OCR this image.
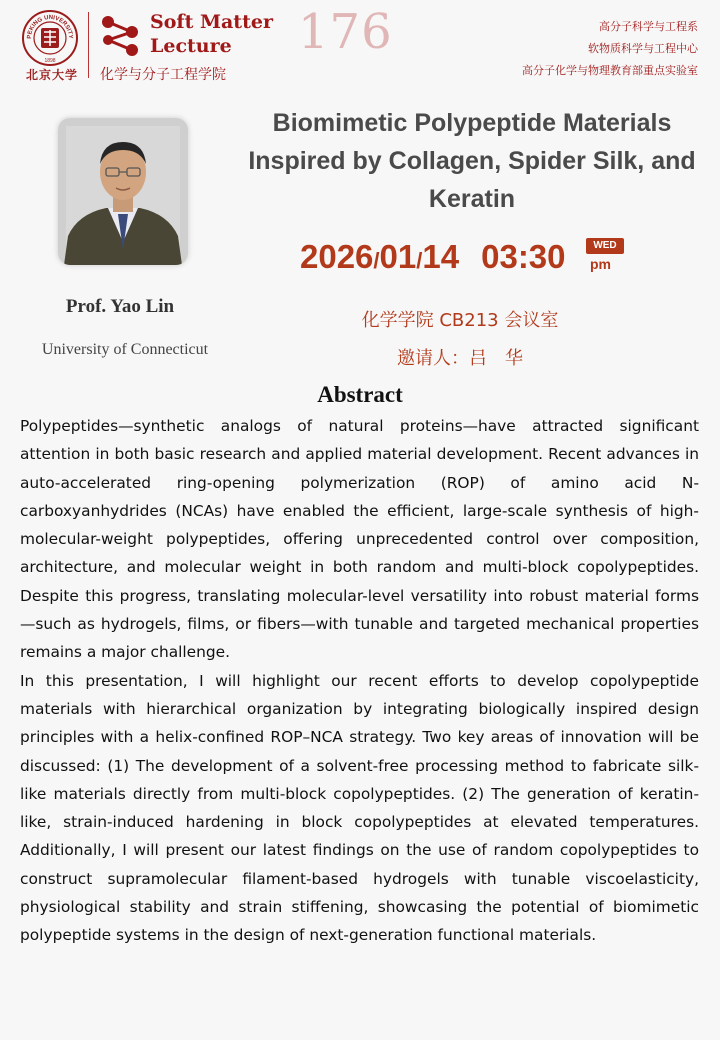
PEKING UNIVERSITY
1898
北京大学
Soft Matter
Lecture
化学与分子工程学院
176	高分子科学与工程系
软物质科学与工程中心
高分子化学与物理教育部重点实验室
Prof. Yao Lin
University of Connecticut
Biomimetic Polypeptide Materials Inspired by Collagen, Spider Silk, and Keratin
2026/01/14 03:30	WED
pm
化学学院 CB213 会议室
邀请人：吕　华
Abstract

Polypeptides—synthetic analogs of natural proteins—have attracted significant attention in both basic research and applied material development. Recent advances in auto-accelerated ring-opening polymerization (ROP) of amino acid N-carboxyanhydrides (NCAs) have enabled the efficient, large-scale synthesis of high-molecular-weight polypeptides, offering unprecedented control over composition, architecture, and molecular weight in both random and multi-block copolypeptides. Despite this progress, translating molecular-level versatility into robust material forms—such as hydrogels, films, or fibers—with tunable and targeted mechanical properties remains a major challenge.

In this presentation, I will highlight our recent efforts to develop copolypeptide materials with hierarchical organization by integrating biologically inspired design principles with a helix-confined ROP–NCA strategy. Two key areas of innovation will be discussed: (1) The development of a solvent-free processing method to fabricate silk-like materials directly from multi-block copolypeptides. (2) The generation of keratin-like, strain-induced hardening in block copolypeptides at elevated temperatures. Additionally, I will present our latest findings on the use of random copolypeptides to construct supramolecular filament-based hydrogels with tunable viscoelasticity, physiological stability and strain stiffening, showcasing the potential of biomimetic polypeptide systems in the design of next-generation functional materials.
